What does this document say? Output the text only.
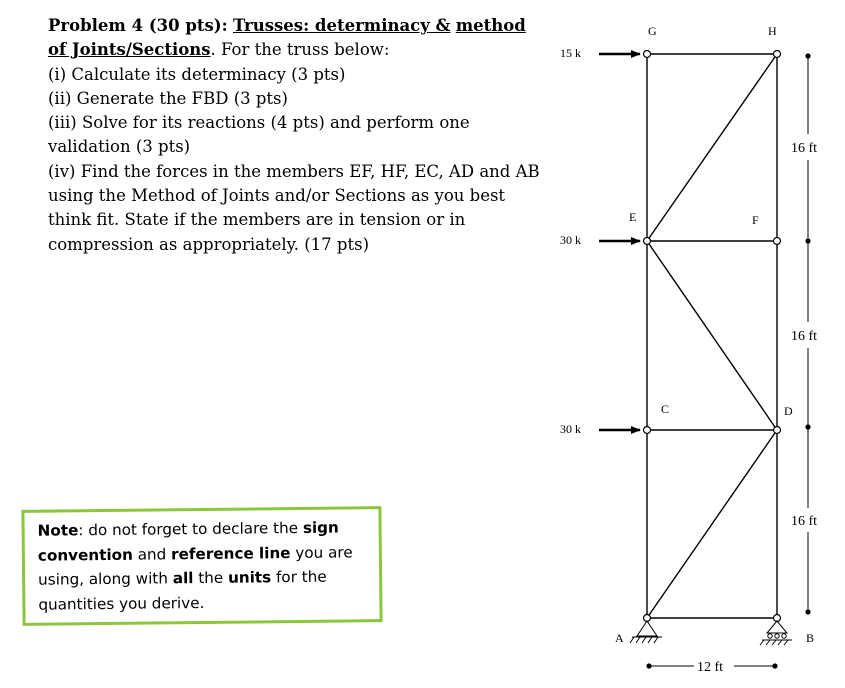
Problem 4 (30 pts): Trusses: determinacy & method of Joints/Sections. For the truss below:

(i) Calculate its determinacy (3 pts)

(ii) Generate the FBD (3 pts)

(iii) Solve for its reactions (4 pts) and perform one validation (3 pts)

(iv) Find the forces in the members EF, HF, EC, AD and AB using the Method of Joints and/or Sections as you best think fit. State if the members are in tension or in compression as appropriately. (17 pts)

Note: do not forget to declare the sign convention and reference line you are using, along with all the units for the quantities you derive.
15 k
30 k
30 k
G	H
E	F
C	D
A	B
16 ft
16 ft
16 ft
12 ft
